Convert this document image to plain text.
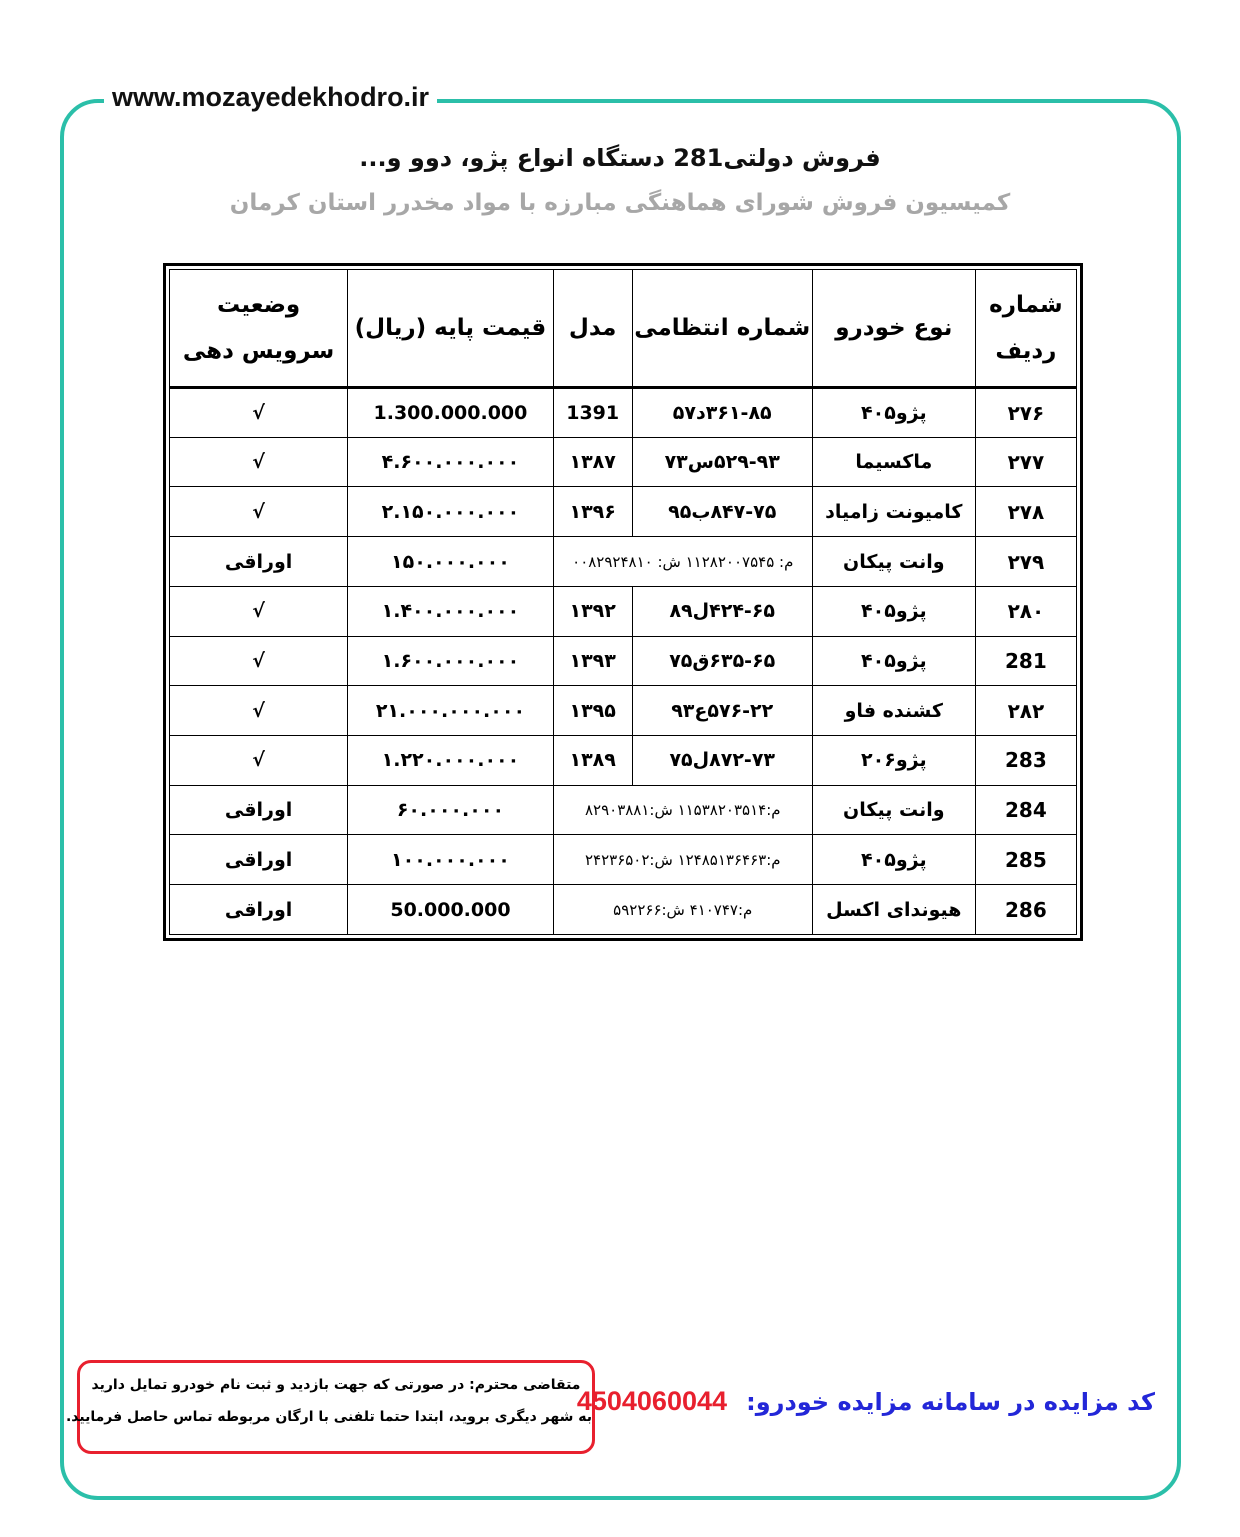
www.mozayedekhodro.ir
فروش دولتی281 دستگاه انواع پژو، دوو و...
کمیسیون فروش شورای هماهنگی مبارزه با مواد مخدرر استان کرمان
شماره
ردیف	نوع خودرو	شماره انتظامی	مدل	قیمت پایه (ریال)	وضعیت
سرویس دهی
۲۷۶	پژو۴۰۵	۳۶۱-۸۵د۵۷	1391	1.300.000.000	√
۲۷۷	ماکسیما	۵۲۹-۹۳س۷۳	۱۳۸۷	۴.۶۰۰.۰۰۰.۰۰۰	√
۲۷۸	کامیونت زامیاد	۸۴۷-۷۵ب۹۵	۱۳۹۶	۲.۱۵۰.۰۰۰.۰۰۰	√
۲۷۹	وانت پیکان	م: ۱۱۲۸۲۰۰۷۵۴۵ ش: ۰۰۸۲۹۲۴۸۱۰		۱۵۰.۰۰۰.۰۰۰	اوراقی
۲۸۰	پژو۴۰۵	۴۲۴-۶۵ل۸۹	۱۳۹۲	۱.۴۰۰.۰۰۰.۰۰۰	√
281	پژو۴۰۵	۶۳۵-۶۵ق۷۵	۱۳۹۳	۱.۶۰۰.۰۰۰.۰۰۰	√
۲۸۲	کشنده فاو	۵۷۶-۲۲ع۹۳	۱۳۹۵	۲۱.۰۰۰.۰۰۰.۰۰۰	√
283	پژو۲۰۶	۸۷۲-۷۳ل۷۵	۱۳۸۹	۱.۲۲۰.۰۰۰.۰۰۰	√
284	وانت پیکان	م:۱۱۵۳۸۲۰۳۵۱۴ ش:۸۲۹۰۳۸۸۱		۶۰.۰۰۰.۰۰۰	اوراقی
285	پژو۴۰۵	م:۱۲۴۸۵۱۳۶۴۶۳ ش:۲۴۲۳۶۵۰۲		۱۰۰.۰۰۰.۰۰۰	اوراقی
286	هیوندای اکسل	م:۴۱۰۷۴۷ ش:۵۹۲۲۶۶		50.000.000	اوراقی
متقاضی محترم: در صورتی که جهت بازدید و ثبت نام خودرو تمایل دارید
به شهر دیگری بروید، ابتدا حتما تلفنی با ارگان مربوطه تماس حاصل فرمایید.
کد مزایده در سامانه مزایده خودرو: 4504060044
